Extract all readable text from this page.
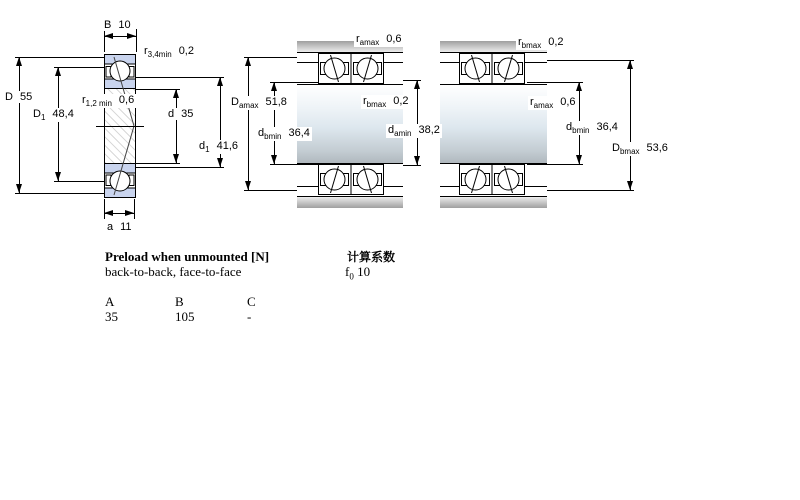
B 10
$r_{3,4min}$ 0,2
D 55
$D_1$ 48,4
$r_{1,2 min}$ 0,6
d 35
$d_1$ 41,6
a 11
$r_{amax}$ 0,6
$r_{bmax}$ 0,2
$D_{amax}$ 51,8
$d_{bmin}$ 36,4	$d_{amin}$ 38,2
$r_{bmax}$ 0,2
$r_{amax}$ 0,6
$d_{bmin}$ 36,4
$D_{bmax}$ 53,6
Preload when unmounted [N]
back-to-back, face-to-face
A	B	C
35	105	-
计算系数
$f_0$ 10
